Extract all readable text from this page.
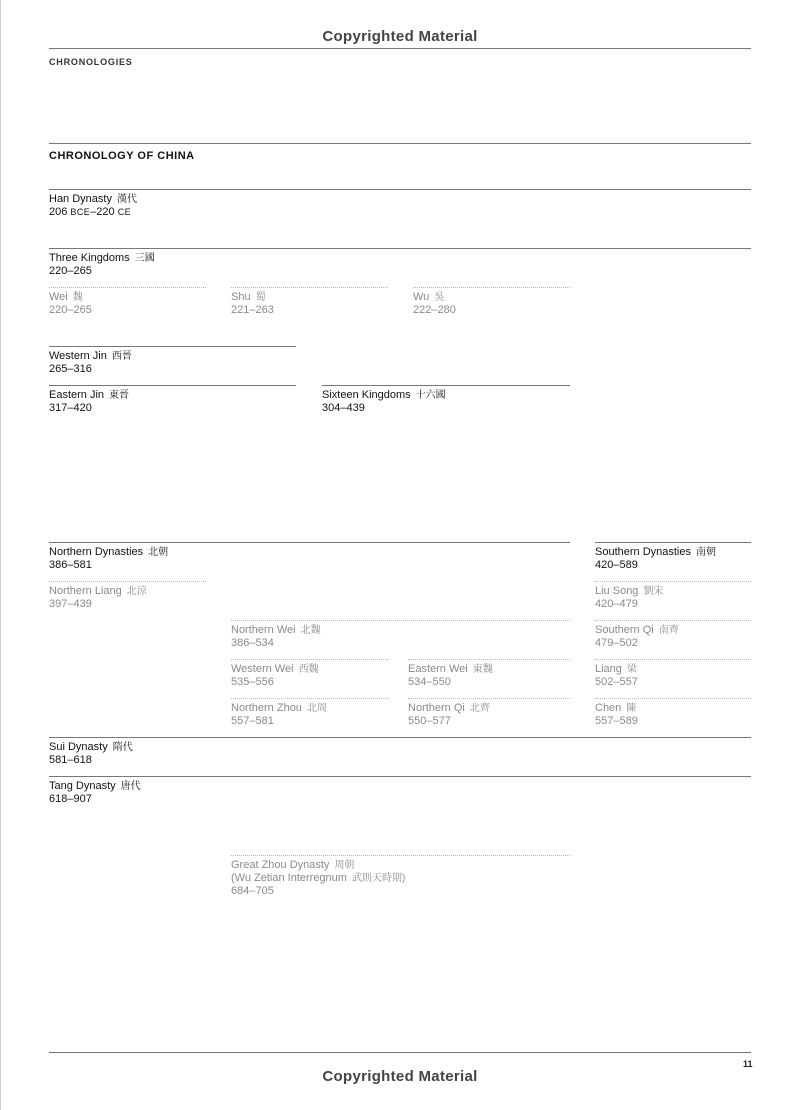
Copyrighted Material
CHRONOLOGIES
CHRONOLOGY OF CHINA
Han Dynasty 漢代
206 BCE–220 CE
Three Kingdoms 三國
220–265
Wei 魏
220–265
Shu 蜀
221–263
Wu 吳
222–280
Western Jin 西晉
265–316
Eastern Jin 東晉
317–420
Sixteen Kingdoms 十六國
304–439
Northern Dynasties 北朝
386–581
Southern Dynasties 南朝
420–589
Northern Liang 北涼
397–439
Liu Song 劉宋
420–479
Northern Wei 北魏
386–534
Southern Qi 南齊
479–502
Western Wei 西魏
535–556
Eastern Wei 東魏
534–550
Liang 梁
502–557
Northern Zhou 北周
557–581
Northern Qi 北齊
550–577
Chen 陳
557–589
Sui Dynasty 隋代
581–618
Tang Dynasty 唐代
618–907
Great Zhou Dynasty 周朝
(Wu Zetian Interregnum 武則天時期)
684–705
11
Copyrighted Material
